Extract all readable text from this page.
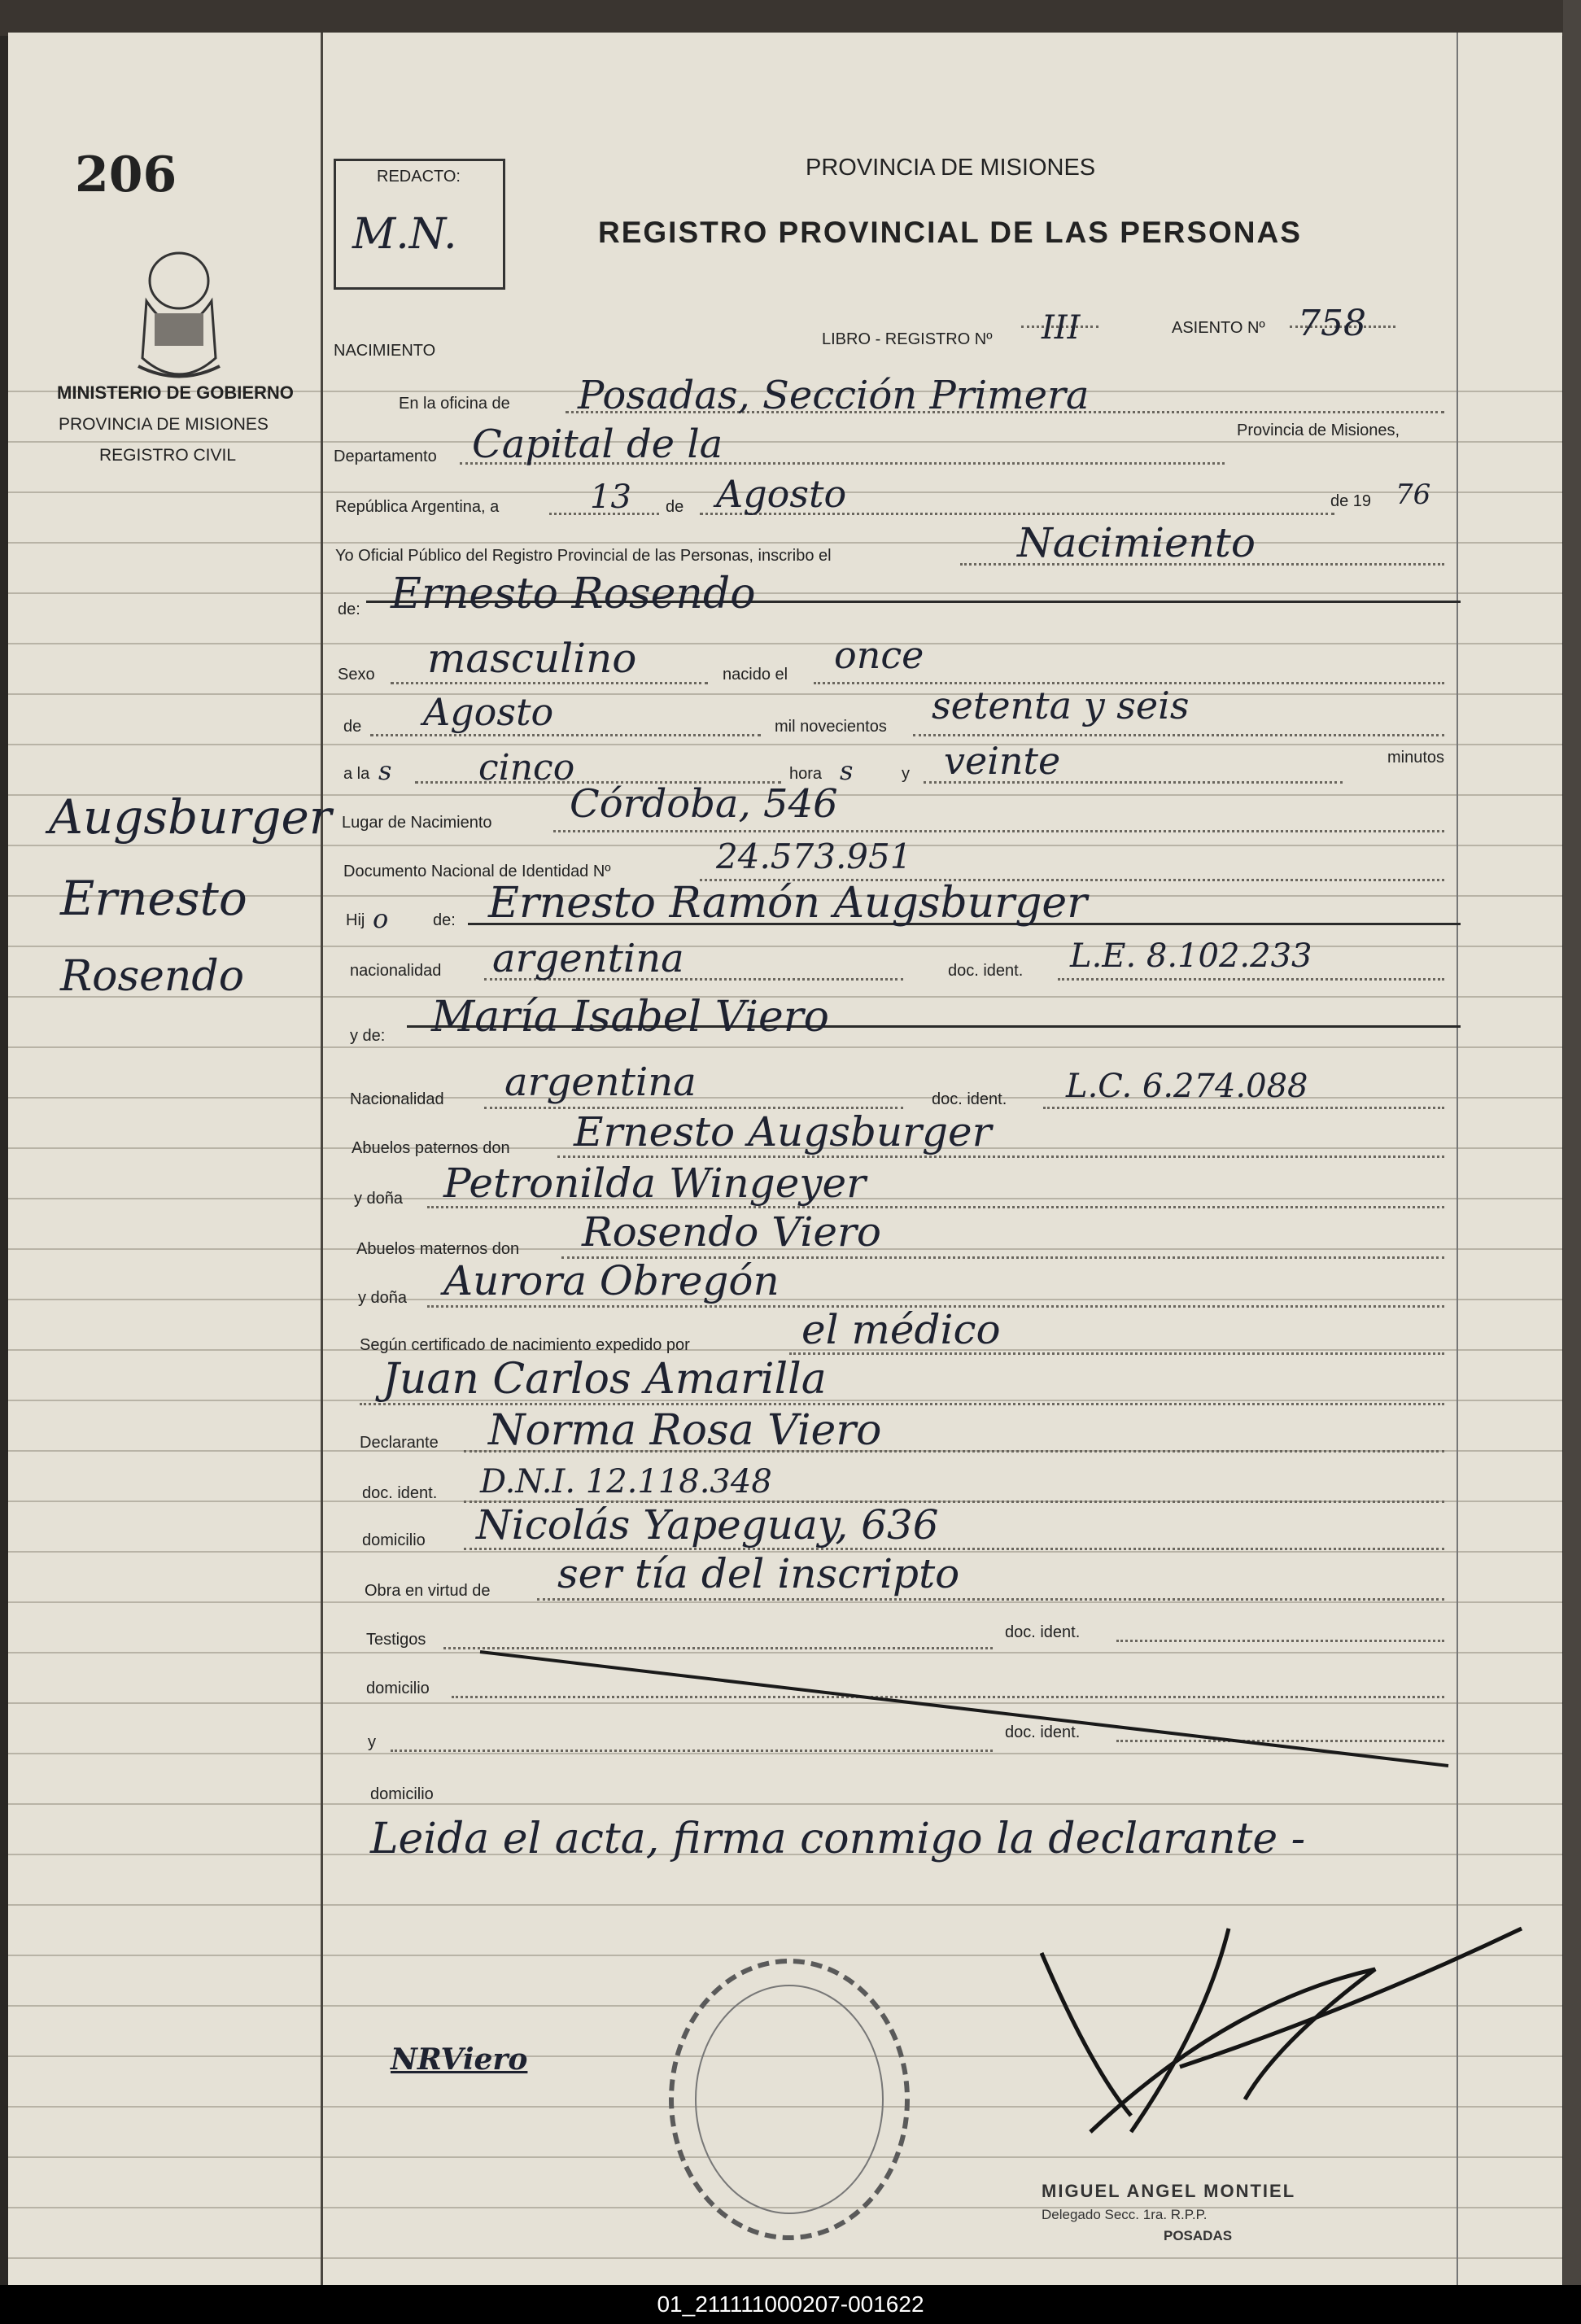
206
MINISTERIO DE GOBIERNO
PROVINCIA DE MISIONES
REGISTRO CIVIL
Augsburger
Ernesto
Rosendo
REDACTO:
M.N.
PROVINCIA DE MISIONES
REGISTRO PROVINCIAL DE LAS PERSONAS
NACIMIENTO
LIBRO - REGISTRO Nº III	ASIENTO Nº 758
En la oficina de Posadas, Sección Primera
Departamento Capital de la	Provincia de Misiones,
República Argentina, a	13 de Agosto	de 19 76
Yo Oficial Público del Registro Provincial de las Personas, inscribo el	Nacimiento
de: Ernesto Rosendo
Sexo masculino	nacido el once
de Agosto	mil novecientos setenta y seis
a la s cinco	hora s	y veinte	minutos
Lugar de Nacimiento Córdoba, 546
Documento Nacional de Identidad Nº	24.573.951
Hij o	de: Ernesto Ramón Augsburger
nacionalidad argentina	doc. ident. L.E. 8.102.233
y de: María Isabel Viero
Nacionalidad argentina	doc. ident. L.C. 6.274.088
Abuelos paternos don Ernesto Augsburger
y doña Petronilda Wingeyer
Abuelos maternos don Rosendo Viero
y doña Aurora Obregón
Según certificado de nacimiento expedido por	el médico
Juan Carlos Amarilla
Declarante Norma Rosa Viero
doc. ident. D.N.I. 12.118.348
domicilio Nicolás Yapeguay, 636
Obra en virtud de ser tía del inscripto
Testigos	doc. ident.
domicilio
y
doc. ident.
domicilio
Leida el acta, firma conmigo la declarante -
NRViero
MIGUEL ANGEL MONTIEL
Delegado Secc. 1ra. R.P.P.
POSADAS
01_211111000207-001622
